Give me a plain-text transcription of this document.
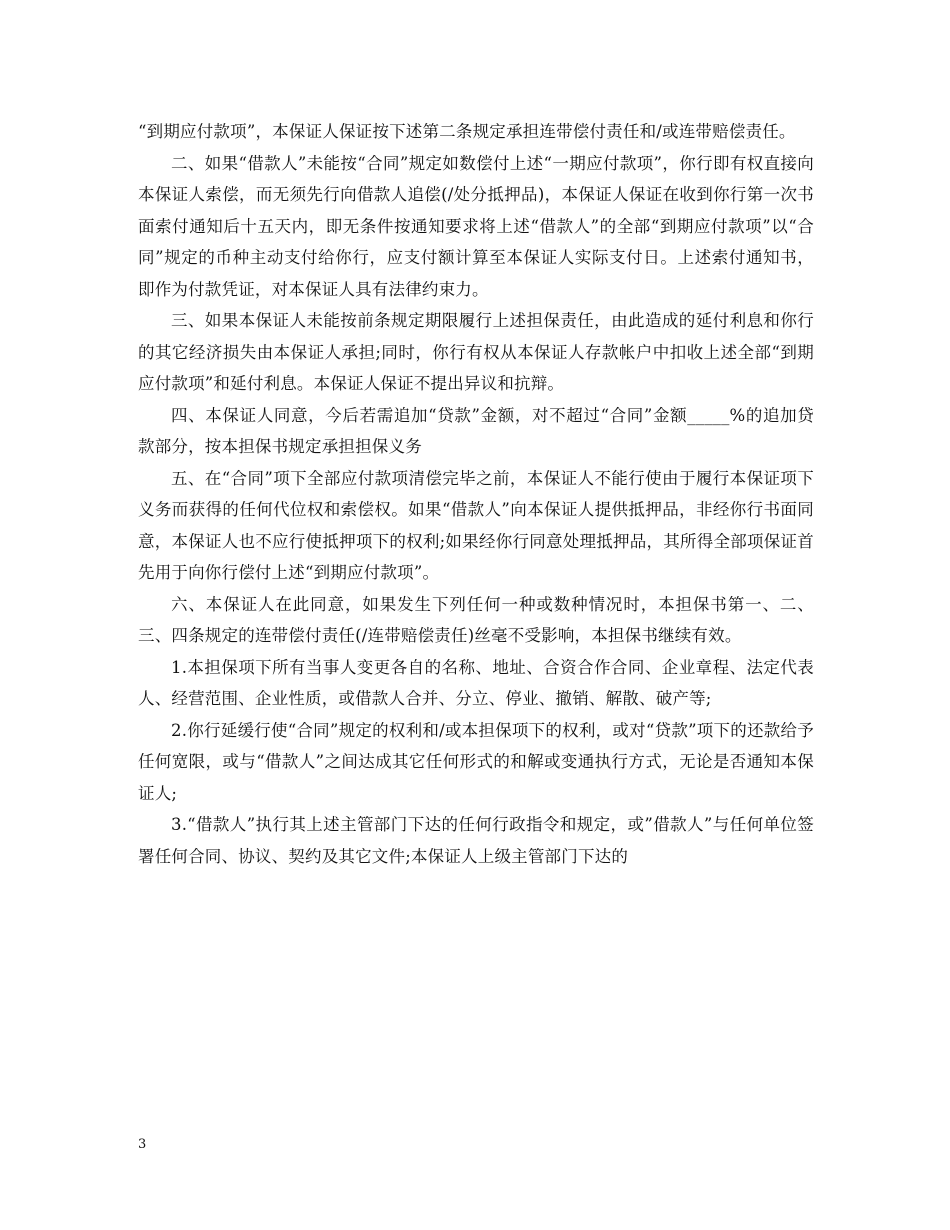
“到期应付款项”，本保证人保证按下述第二条规定承担连带偿付责任和/或连带赔偿责任。

二、如果“借款人”未能按“合同”规定如数偿付上述“一期应付款项”，你行即有权直接向本保证人索偿，而无须先行向借款人追偿(/处分抵押品)，本保证人保证在收到你行第一次书面索付通知后十五天内，即无条件按通知要求将上述“借款人”的全部“到期应付款项”以“合同”规定的币种主动支付给你行，应支付额计算至本保证人实际支付日。上述索付通知书，即作为付款凭证，对本保证人具有法律约束力。

三、如果本保证人未能按前条规定期限履行上述担保责任，由此造成的延付利息和你行的其它经济损失由本保证人承担;同时，你行有权从本保证人存款帐户中扣收上述全部“到期应付款项”和延付利息。本保证人保证不提出异议和抗辩。

四、本保证人同意，今后若需追加“贷款”金额，对不超过“合同”金额_____%的追加贷款部分，按本担保书规定承担担保义务

五、在“合同”项下全部应付款项清偿完毕之前，本保证人不能行使由于履行本保证项下义务而获得的任何代位权和索偿权。如果“借款人”向本保证人提供抵押品，非经你行书面同意，本保证人也不应行使抵押项下的权利;如果经你行同意处理抵押品，其所得全部项保证首先用于向你行偿付上述“到期应付款项”。

六、本保证人在此同意，如果发生下列任何一种或数种情况时，本担保书第一、二、三、四条规定的连带偿付责任(/连带赔偿责任)丝毫不受影响，本担保书继续有效。

1.本担保项下所有当事人变更各自的名称、地址、合资合作合同、企业章程、法定代表人、经营范围、企业性质，或借款人合并、分立、停业、撤销、解散、破产等;

2.你行延缓行使“合同”规定的权利和/或本担保项下的权利，或对“贷款”项下的还款给予任何宽限，或与“借款人”之间达成其它任何形式的和解或变通执行方式，无论是否通知本保证人;

3.“借款人”执行其上述主管部门下达的任何行政指令和规定，或”借款人”与任何单位签署任何合同、协议、契约及其它文件;本保证人上级主管部门下达的

3
